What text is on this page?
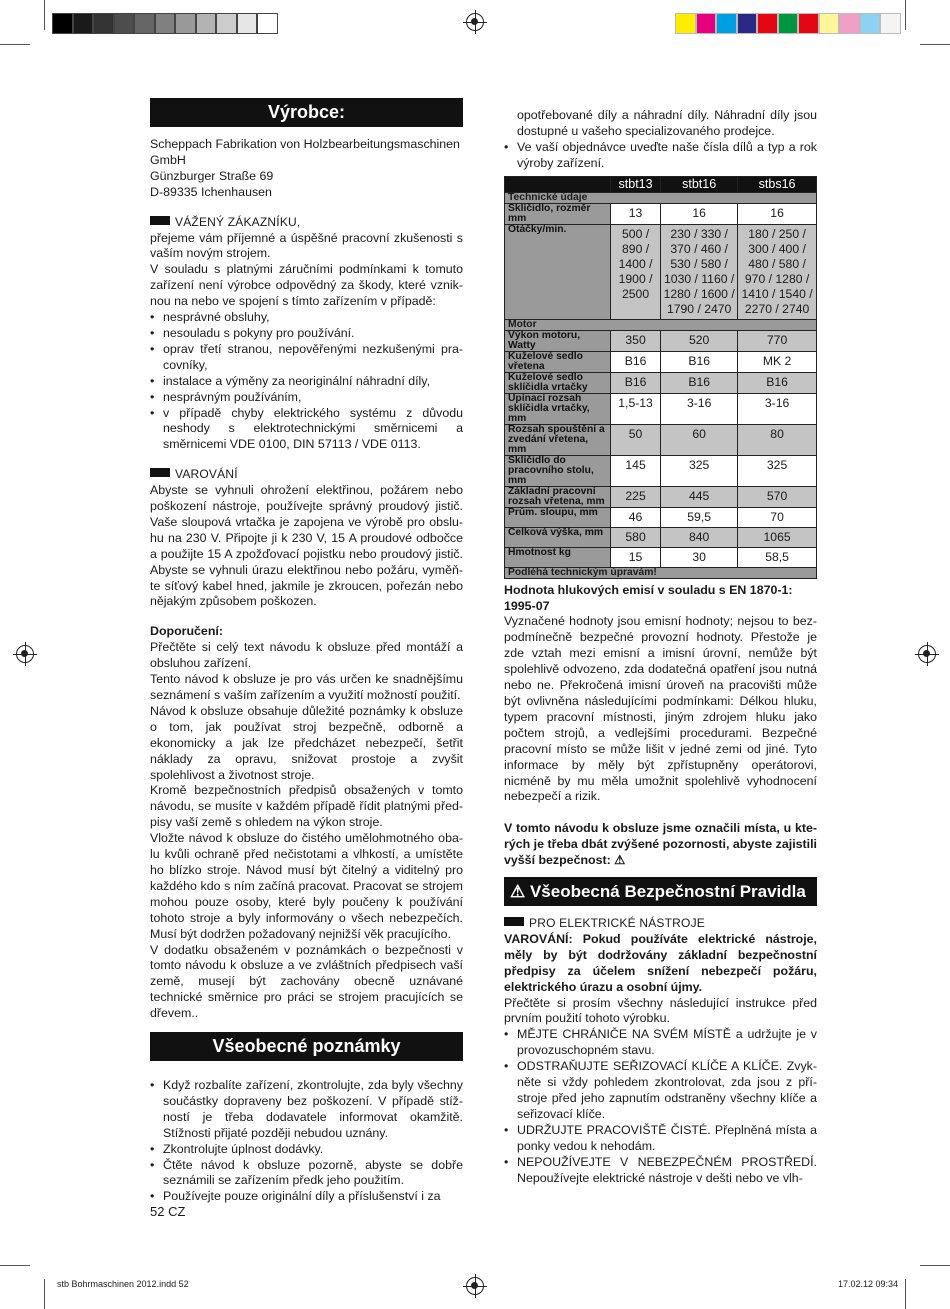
Výrobce:
Scheppach Fabrikation von Holzbearbeitungsmaschinen GmbH
Günzburger Straße 69
D-89335 Ichenhausen
VÁŽENÝ ZÁKAZNÍKU,

přejeme vám příjemné a úspěšné pracovní zkušenosti s vaším novým strojem.

V souladu s platnými záručními podmínkami k tomuto zařízení není výrobce odpovědný za škody, které vzniknou na nebo ve spojení s tímto zařízením v případě:

• nesprávné obsluhy,
• nesouladu s pokyny pro používání.
• oprav třetí stranou, nepověřenými nezkušenými pracovníky,
• instalace a výměny za neoriginální náhradní díly,
• nesprávným používáním,
• v případě chyby elektrického systému z důvodu neshody s elektrotechnickými směrnicemi a směrnicemi VDE 0100, DIN 57113 / VDE 0113.
VAROVÁNÍ

Abyste se vyhnuli ohrožení elektřinou, požárem nebo poškození nástroje, používejte správný proudový jistič. Vaše sloupová vrtačka je zapojena ve výrobě pro obsluhu na 230 V. Připojte ji k 230 V, 15 A proudové odbočce a použijte 15 A zpožďovací pojistku nebo proudový jistič. Abyste se vyhnuli úrazu elektřinou nebo požáru, vyměňte síťový kabel hned, jakmile je zkroucen, pořezán nebo nějakým způsobem poškozen.

Doporučení:

Přečtěte si celý text návodu k obsluze před montáží a obsluhou zařízení.

Tento návod k obsluze je pro vás určen ke snadnějšímu seznámení s vaším zařízením a využití možností použití.

Návod k obsluze obsahuje důležité poznámky k obsluze o tom, jak používat stroj bezpečně, odborně a ekonomicky a jak lze předcházet nebezpečí, šetřit náklady za opravu, snižovat prostoje a zvyšit spolehlivost a životnost stroje.

Kromě bezpečnostních předpisů obsažených v tomto návodu, se musíte v každém případě řídit platnými předpisy vaší země s ohledem na výkon stroje.

Vložte návod k obsluze do čistého umělohmotného obalu kvůli ochraně před nečistotami a vlhkostí, a umístěte ho blízko stroje. Návod musí být čitelný a viditelný pro každého kdo s ním začíná pracovat. Pracovat se strojem mohou pouze osoby, které byly poučeny k používání tohoto stroje a byly informovány o všech nebezpečích. Musí být dodržen požadovaný nejnižší věk pracujícího.

V dodatku obsaženém v poznámkách o bezpečnosti v tomto návodu k obsluze a ve zvláštních předpisech vaší země, musejí být zachovány obecně uznávané technické směrnice pro práci se strojem pracujících se dřevem..

Všeobecné poznámky
• Když rozbalíte zařízení, zkontrolujte, zda byly všechny součástky dopraveny bez poškození. V případě stížností je třeba dodavatele informovat okamžitě. Stížnosti přijaté později nebudou uznány.
• Zkontrolujte úplnost dodávky.
• Čtěte návod k obsluze pozorně, abyste se dobře seznámili se zařízením předk jeho použitím.
• Používejte pouze originální díly a příslušenství i za

opotřebované díly a náhradní díly. Náhradní díly jsou dostupné u vašeho specializovaného prodejce.

• Ve vaší objednávce uveďte naše čísla dílů a typ a rok výroby zařízení.
	stbt13	stbt16	stbs16
Technické údaje			
Sklíčidlo, rozměr mm	13	16	16
Otáčky/min.	500 / 890 / 1400 / 1900 / 2500	230 / 330 / 370 / 460 / 530 / 580 / 1030 / 1160 / 1280 / 1600 / 1790 / 2470	180 / 250 / 300 / 400 / 480 / 580 / 970 / 1280 / 1410 / 1540 / 2270 / 2740
Motor			
Výkon motoru, Watty	350	520	770
Kuželové sedlo vřetena	B16	B16	MK 2
Kuželové sedlo sklíčidla vrtačky	B16	B16	B16
Upínací rozsah sklíčidla vrtačky, mm	1,5-13	3-16	3-16
Rozsah spouštění a zvedání vřetena, mm	50	60	80
Sklíčidlo do pracovního stolu, mm	145	325	325
Základní pracovní rozsah vřetena, mm	225	445	570
Prům. sloupu, mm	46	59,5	70
Celková výška, mm	580	840	1065
Hmotnost kg	15	30	58,5
Podléhá technickým úpravám!			
Hodnota hlukových emisí v souladu s EN 1870-1: 1995-07

Vyznačené hodnoty jsou emisní hodnoty; nejsou to bezpodmínečně bezpečné provozní hodnoty. Přestože je zde vztah mezi emisní a imisní úrovní, nemůže být spolehlivě odvozeno, zda dodatečná opatření jsou nutná nebo ne. Překročená imisní úroveň na pracovišti může být ovlivněna následujícími podmínkami: Délkou hluku, typem pracovní místnosti, jiným zdrojem hluku jako počtem strojů, a vedlejšími procedurami. Bezpečné pracovní místo se může lišit v jedné zemi od jiné. Tyto informace by měly být zpřístupněny operátorovi, nicméně by mu měla umožnit spolehlivě vyhodnocení nebezpečí a rizik.

V tomto návodu k obsluze jsme označili místa, u kterých je třeba dbát zvýšené pozornosti, abyste zajistili vyšší bezpečnost: ⚠

⚠ Všeobecná Bezpečnostní Pravidla
PRO ELEKTRICKÉ NÁSTROJE

VAROVÁNÍ: Pokud používáte elektrické nástroje, měly by být dodržovány základní bezpečnostní předpisy za účelem snížení nebezpečí požáru, elektrického úrazu a osobní újmy.

Přečtěte si prosím všechny následující instrukce před prvním použití tohoto výrobku.

• MĚJTE CHRÁNIČE NA SVÉM MÍSTĚ a udržujte je v provozuschopném stavu.
• ODSTRAŇUJTE SEŘIZOVACÍ KLÍČE A KLÍČE. Zvykněte si vždy pohledem zkontrolovat, zda jsou z přístroje před jeho zapnutím odstraněny všechny klíče a seřizovací klíče.
• UDRŽUJTE PRACOVIŠTĚ ČISTÉ. Přeplněná místa a ponky vedou k nehodám.
• NEPOUŽÍVEJTE V NEBEZPEČNÉM PROSTŘEDÍ. Nepoužívejte elektrické nástroje v dešti nebo ve vlh-
52 CZ
stb Bohrmaschinen 2012.indd 52	17.02.12 09:34
